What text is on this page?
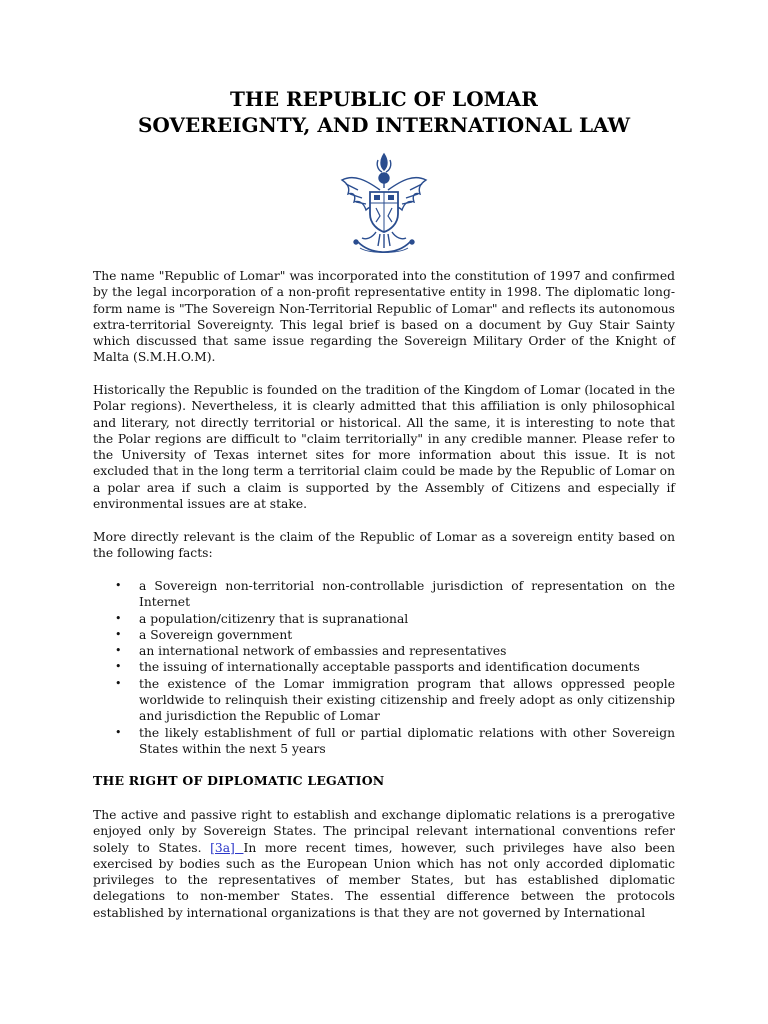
THE REPUBLIC OF LOMAR
SOVEREIGNTY, AND INTERNATIONAL LAW

The name "Republic of Lomar" was incorporated into the constitution of 1997 and confirmed by the legal incorporation of a non-profit representative entity in 1998. The diplomatic long-form name is "The Sovereign Non-Territorial Republic of Lomar" and reflects its autonomous extra-territorial Sovereignty. This legal brief is based on a document by Guy Stair Sainty which discussed that same issue regarding the Sovereign Military Order of the Knight of Malta (S.M.H.O.M).

Historically the Republic is founded on the tradition of the Kingdom of Lomar (located in the Polar regions). Nevertheless, it is clearly admitted that this affiliation is only philosophical and literary, not directly territorial or historical. All the same, it is interesting to note that the Polar regions are difficult to "claim territorially" in any credible manner. Please refer to the University of Texas internet sites for more information about this issue. It is not excluded that in the long term a territorial claim could be made by the Republic of Lomar on a polar area if such a claim is supported by the Assembly of Citizens and especially if environmental issues are at stake.

More directly relevant is the claim of the Republic of Lomar as a sovereign entity based on the following facts:

• a Sovereign non-territorial non-controllable jurisdiction of representation on the Internet
• a population/citizenry that is supranational
• a Sovereign government
• an international network of embassies and representatives
• the issuing of internationally acceptable passports and identification documents
• the existence of the Lomar immigration program that allows oppressed people worldwide to relinquish their existing citizenship and freely adopt as only citizenship and jurisdiction the Republic of Lomar
• the likely establishment of full or partial diplomatic relations with other Sovereign States within the next 5 years
THE RIGHT OF DIPLOMATIC LEGATION

The active and passive right to establish and exchange diplomatic relations is a prerogative enjoyed only by Sovereign States. The principal relevant international conventions refer solely to States. [3a] In more recent times, however, such privileges have also been exercised by bodies such as the European Union which has not only accorded diplomatic privileges to the representatives of member States, but has established diplomatic delegations to non-member States. The essential difference between the protocols established by international organizations is that they are not governed by International
